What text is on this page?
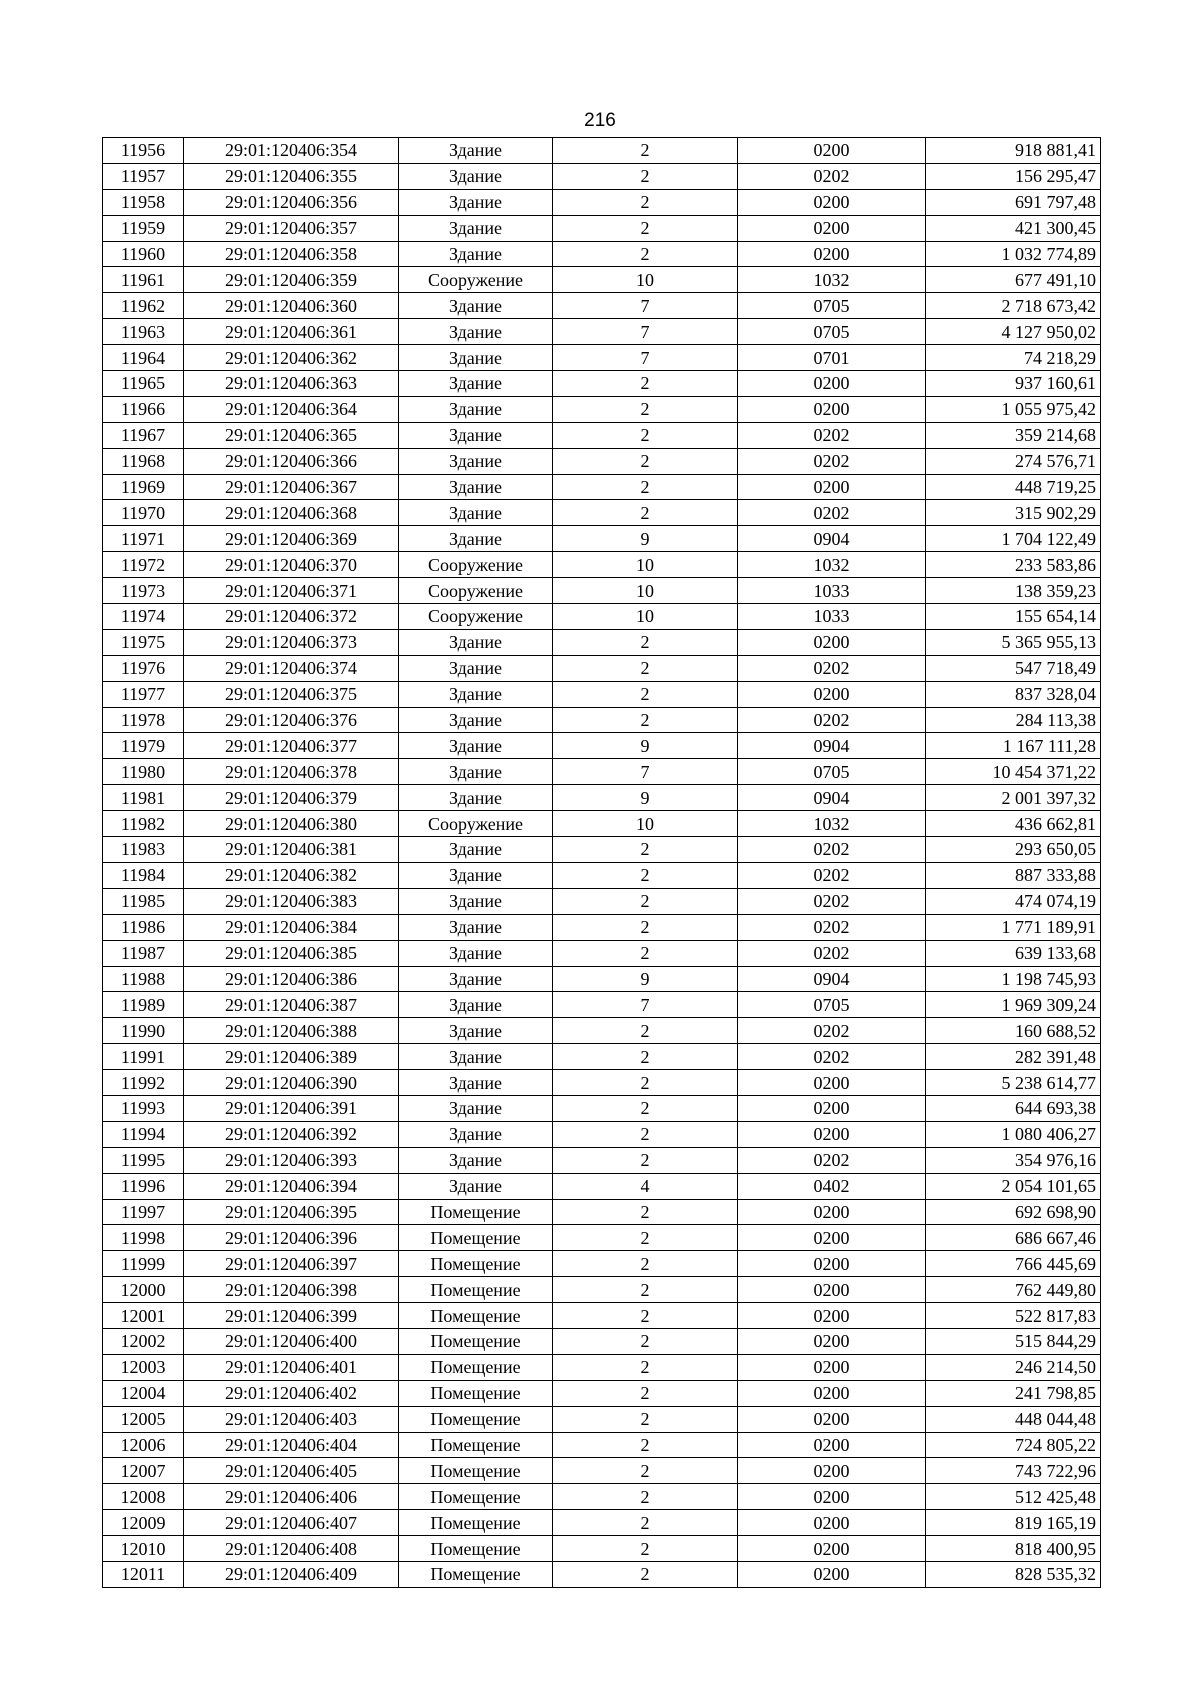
216
11956	29:01:120406:354	Здание	2	0200	918 881,41
11957	29:01:120406:355	Здание	2	0202	156 295,47
11958	29:01:120406:356	Здание	2	0200	691 797,48
11959	29:01:120406:357	Здание	2	0200	421 300,45
11960	29:01:120406:358	Здание	2	0200	1 032 774,89
11961	29:01:120406:359	Сооружение	10	1032	677 491,10
11962	29:01:120406:360	Здание	7	0705	2 718 673,42
11963	29:01:120406:361	Здание	7	0705	4 127 950,02
11964	29:01:120406:362	Здание	7	0701	74 218,29
11965	29:01:120406:363	Здание	2	0200	937 160,61
11966	29:01:120406:364	Здание	2	0200	1 055 975,42
11967	29:01:120406:365	Здание	2	0202	359 214,68
11968	29:01:120406:366	Здание	2	0202	274 576,71
11969	29:01:120406:367	Здание	2	0200	448 719,25
11970	29:01:120406:368	Здание	2	0202	315 902,29
11971	29:01:120406:369	Здание	9	0904	1 704 122,49
11972	29:01:120406:370	Сооружение	10	1032	233 583,86
11973	29:01:120406:371	Сооружение	10	1033	138 359,23
11974	29:01:120406:372	Сооружение	10	1033	155 654,14
11975	29:01:120406:373	Здание	2	0200	5 365 955,13
11976	29:01:120406:374	Здание	2	0202	547 718,49
11977	29:01:120406:375	Здание	2	0200	837 328,04
11978	29:01:120406:376	Здание	2	0202	284 113,38
11979	29:01:120406:377	Здание	9	0904	1 167 111,28
11980	29:01:120406:378	Здание	7	0705	10 454 371,22
11981	29:01:120406:379	Здание	9	0904	2 001 397,32
11982	29:01:120406:380	Сооружение	10	1032	436 662,81
11983	29:01:120406:381	Здание	2	0202	293 650,05
11984	29:01:120406:382	Здание	2	0202	887 333,88
11985	29:01:120406:383	Здание	2	0202	474 074,19
11986	29:01:120406:384	Здание	2	0202	1 771 189,91
11987	29:01:120406:385	Здание	2	0202	639 133,68
11988	29:01:120406:386	Здание	9	0904	1 198 745,93
11989	29:01:120406:387	Здание	7	0705	1 969 309,24
11990	29:01:120406:388	Здание	2	0202	160 688,52
11991	29:01:120406:389	Здание	2	0202	282 391,48
11992	29:01:120406:390	Здание	2	0200	5 238 614,77
11993	29:01:120406:391	Здание	2	0200	644 693,38
11994	29:01:120406:392	Здание	2	0200	1 080 406,27
11995	29:01:120406:393	Здание	2	0202	354 976,16
11996	29:01:120406:394	Здание	4	0402	2 054 101,65
11997	29:01:120406:395	Помещение	2	0200	692 698,90
11998	29:01:120406:396	Помещение	2	0200	686 667,46
11999	29:01:120406:397	Помещение	2	0200	766 445,69
12000	29:01:120406:398	Помещение	2	0200	762 449,80
12001	29:01:120406:399	Помещение	2	0200	522 817,83
12002	29:01:120406:400	Помещение	2	0200	515 844,29
12003	29:01:120406:401	Помещение	2	0200	246 214,50
12004	29:01:120406:402	Помещение	2	0200	241 798,85
12005	29:01:120406:403	Помещение	2	0200	448 044,48
12006	29:01:120406:404	Помещение	2	0200	724 805,22
12007	29:01:120406:405	Помещение	2	0200	743 722,96
12008	29:01:120406:406	Помещение	2	0200	512 425,48
12009	29:01:120406:407	Помещение	2	0200	819 165,19
12010	29:01:120406:408	Помещение	2	0200	818 400,95
12011	29:01:120406:409	Помещение	2	0200	828 535,32
